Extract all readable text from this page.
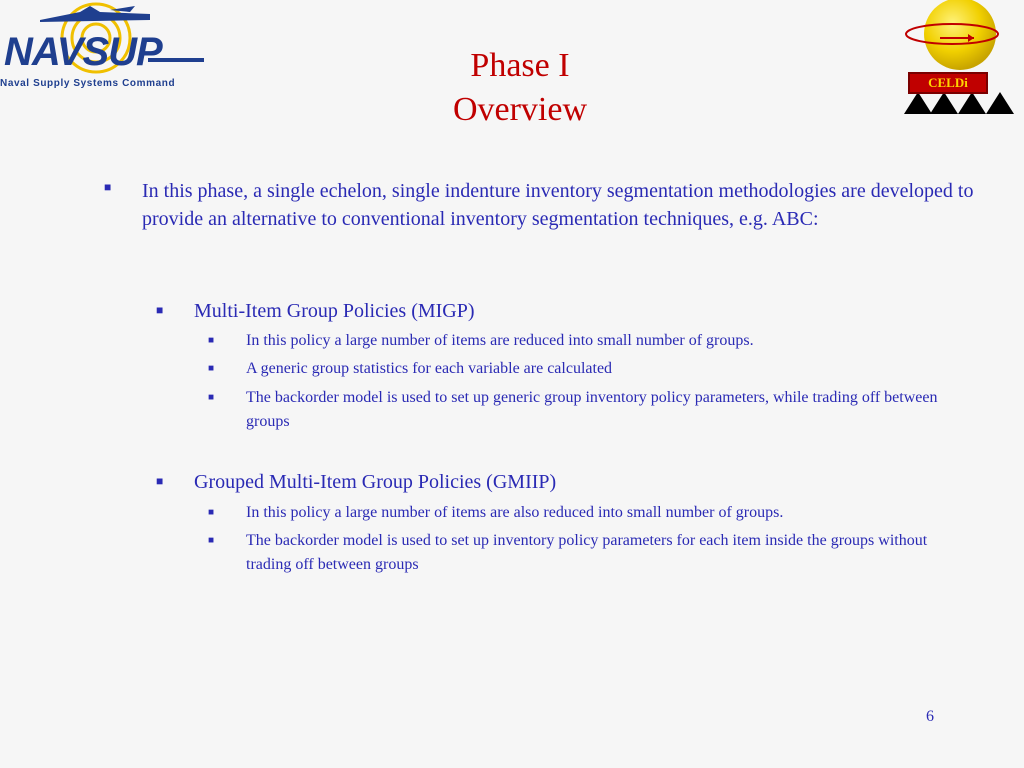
NAVSUP
Naval Supply Systems Command	Phase I
Overview
CELDi
■ In this phase, a single echelon, single indenture inventory segmentation methodologies are developed to provide an alternative to conventional inventory segmentation techniques, e.g. ABC:
■ Multi-Item Group Policies (MIGP)
■ In this policy a large number of items are reduced into small number of groups.
■ A generic group statistics for each variable are calculated
■ The backorder model is used to set up generic group inventory policy parameters, while trading off between groups
■ Grouped Multi-Item Group Policies (GMIIP)
■ In this policy a large number of items are also reduced into small number of groups.
■ The backorder model is used to set up inventory policy parameters for each item inside the groups without trading off between groups
6
